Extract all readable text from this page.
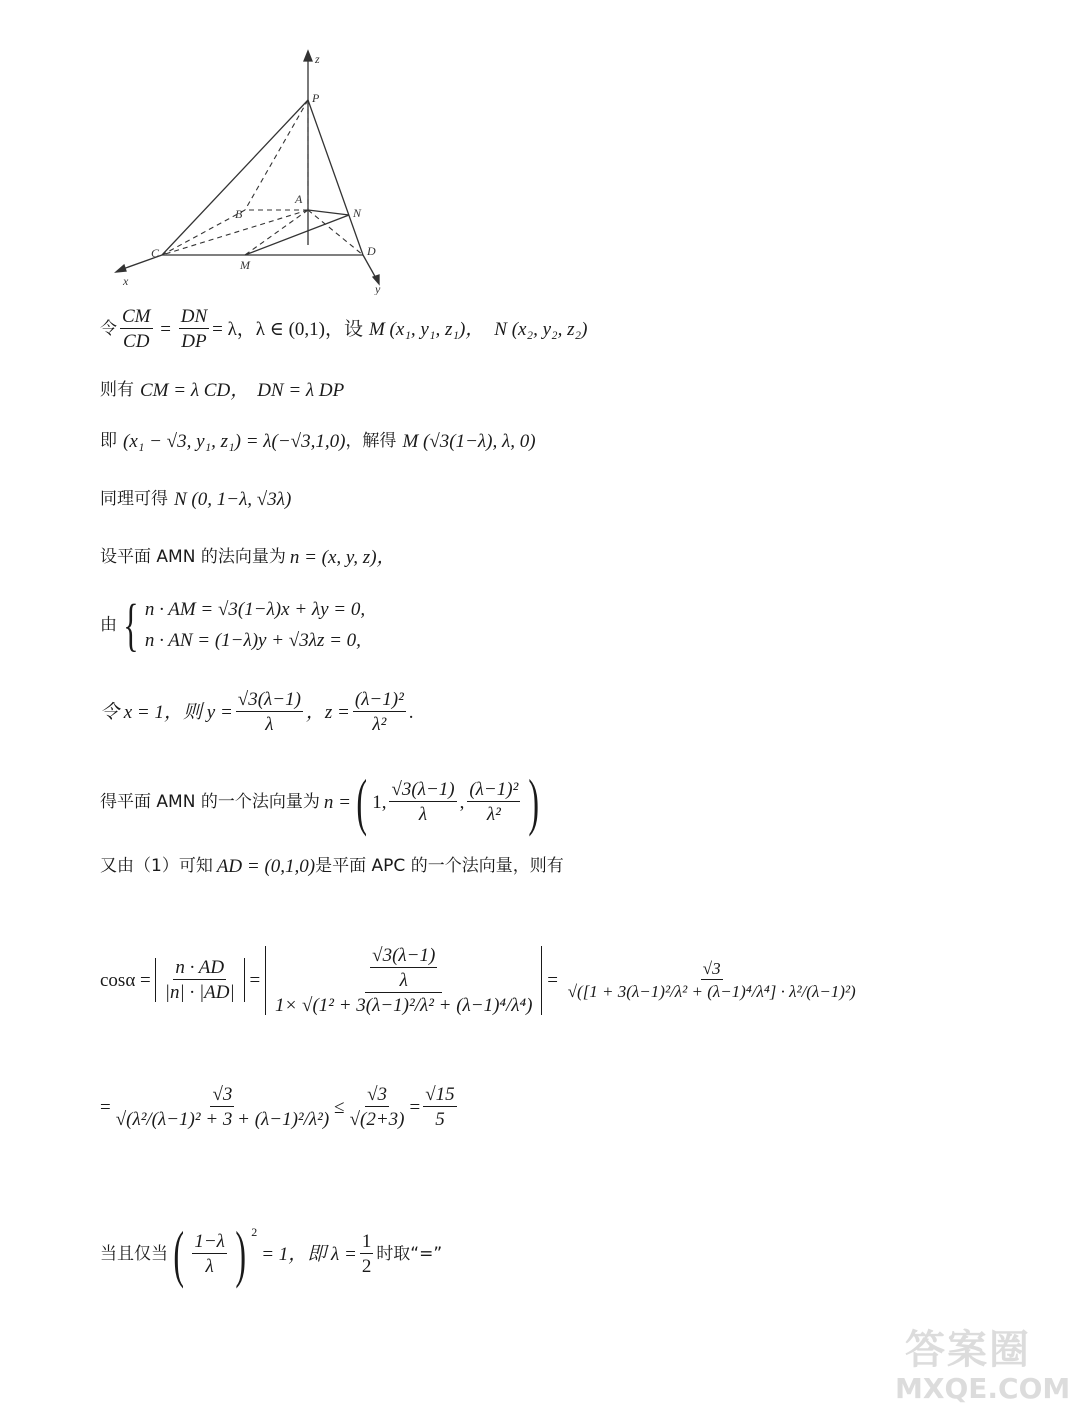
z
P
A
B	N
C
M
D
x
y
令 $\frac{CM}{CD} = \frac{DN}{DP} = \lambda$，λ ∈ (0,1)，设 M (x₁, y₁, z₁)， N (x₂, y₂, z₂)
则有 CM = λ CD， DN = λ DP
即 (x₁ − √3, y₁, z₁) = λ(−√3,1,0) ，解得 M (√3(1−λ), λ, 0)
同理可得 N (0, 1−λ, √3λ)
设平面 AMN 的法向量为 n = (x, y, z)，
由 { n · AM = √3(1−λ)x + λy = 0,
n · AN = (1−λ)y + √3λz = 0,
令 x = 1，则 $y = \frac{√3(\lambda-1)}{\lambda}$ ，$z = \frac{\text{(λ−1)²}}{\text{λ²}}$ .
得平面 AMN 的一个法向量为 n = ( 1, $\frac{√3(\lambda-1)}{\lambda}$ , $\frac{\text{(λ−1)²}}{\text{λ²}}$ )
又由（1）可知 AD = (0,1,0) 是平面 APC 的一个法向量，则有
$\cos\alpha = \frac{n \cdot AD}{|n| \cdot |AD|} = \frac{\frac{√3(\lambda-1)}{\lambda}}{\text{1× √(1² + 3(λ−1)²/λ² + (λ−1)⁴/λ⁴)}} = \frac{√3}{\text{√([1 + 3(λ−1)²/λ² + (λ−1)⁴/λ⁴] · λ²/(λ−1)²)}}$
= $\frac{√3}{\text{√(λ²/(λ−1)² + 3 + (λ−1)²/λ²)}} \le \frac{√3}{√(2+3)} = \frac{√15}{5}$
当且仅当 ( $\frac{1-\lambda}{\lambda}$ ) $^2$
= 1，即 $\lambda = \frac{1}{2}$ 时取“=”
答案圈
MXQE.COM
